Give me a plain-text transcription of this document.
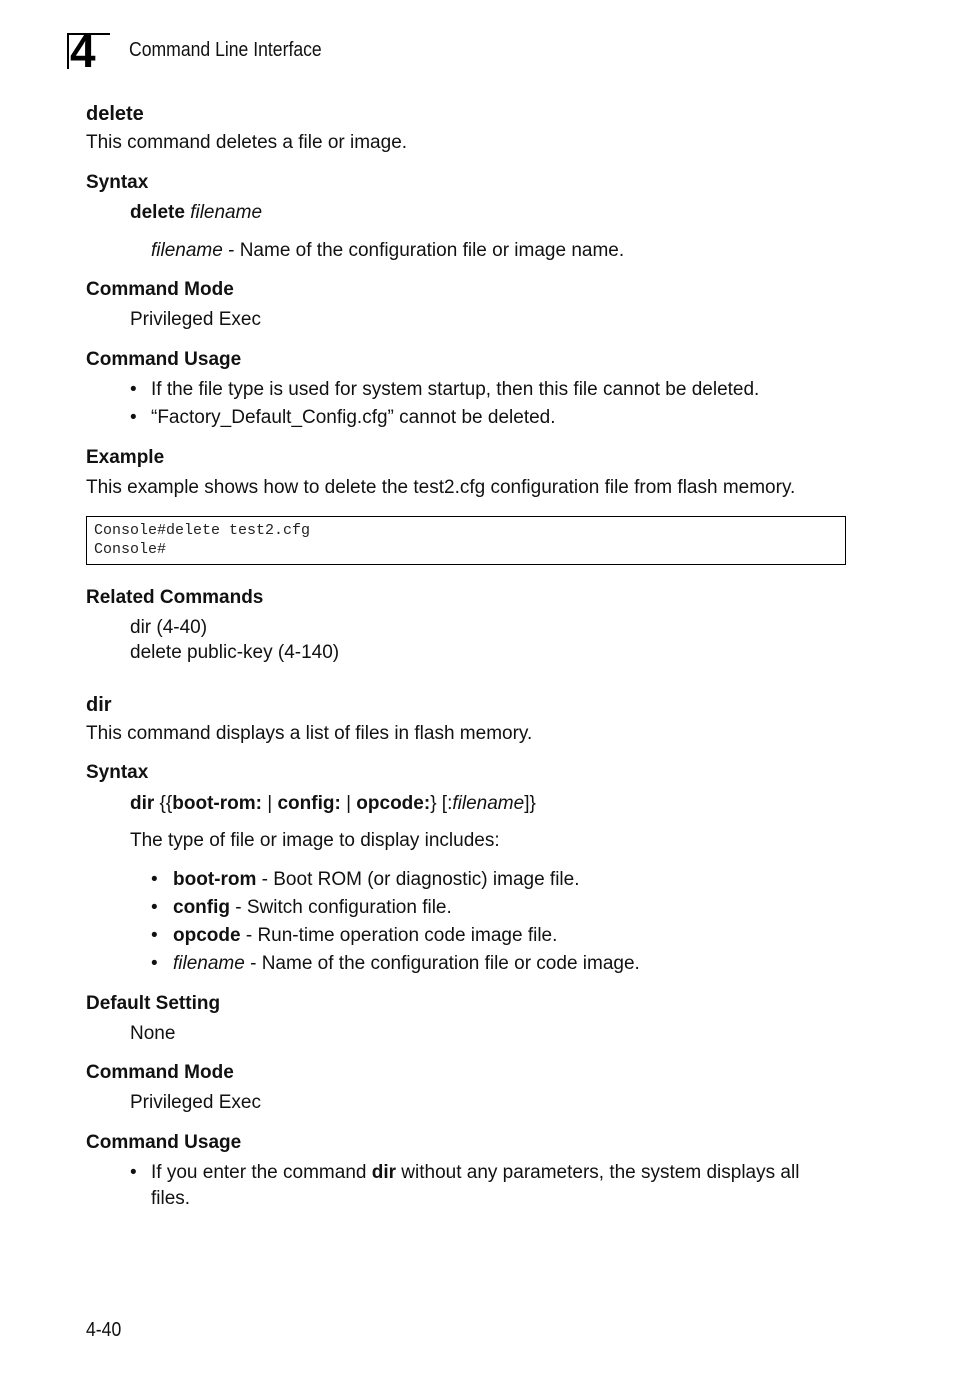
4 Command Line Interface
delete
This command deletes a file or image.
Syntax
delete filename
filename - Name of the configuration file or image name.
Command Mode
Privileged Exec
Command Usage
• If the file type is used for system startup, then this file cannot be deleted.
• “Factory_Default_Config.cfg” cannot be deleted.
Example
This example shows how to delete the test2.cfg configuration file from flash memory.
Console#delete test2.cfg
Console#
Related Commands
dir (4-40)
delete public-key (4-140)
dir
This command displays a list of files in flash memory.
Syntax
dir {{boot-rom: | config: | opcode:} [:filename]}
The type of file or image to display includes:
• boot-rom - Boot ROM (or diagnostic) image file.
• config - Switch configuration file.
• opcode - Run-time operation code image file.
• filename - Name of the configuration file or code image.
Default Setting
None
Command Mode
Privileged Exec
Command Usage
• If you enter the command dir without any parameters, the system displays all
files.
4-40
